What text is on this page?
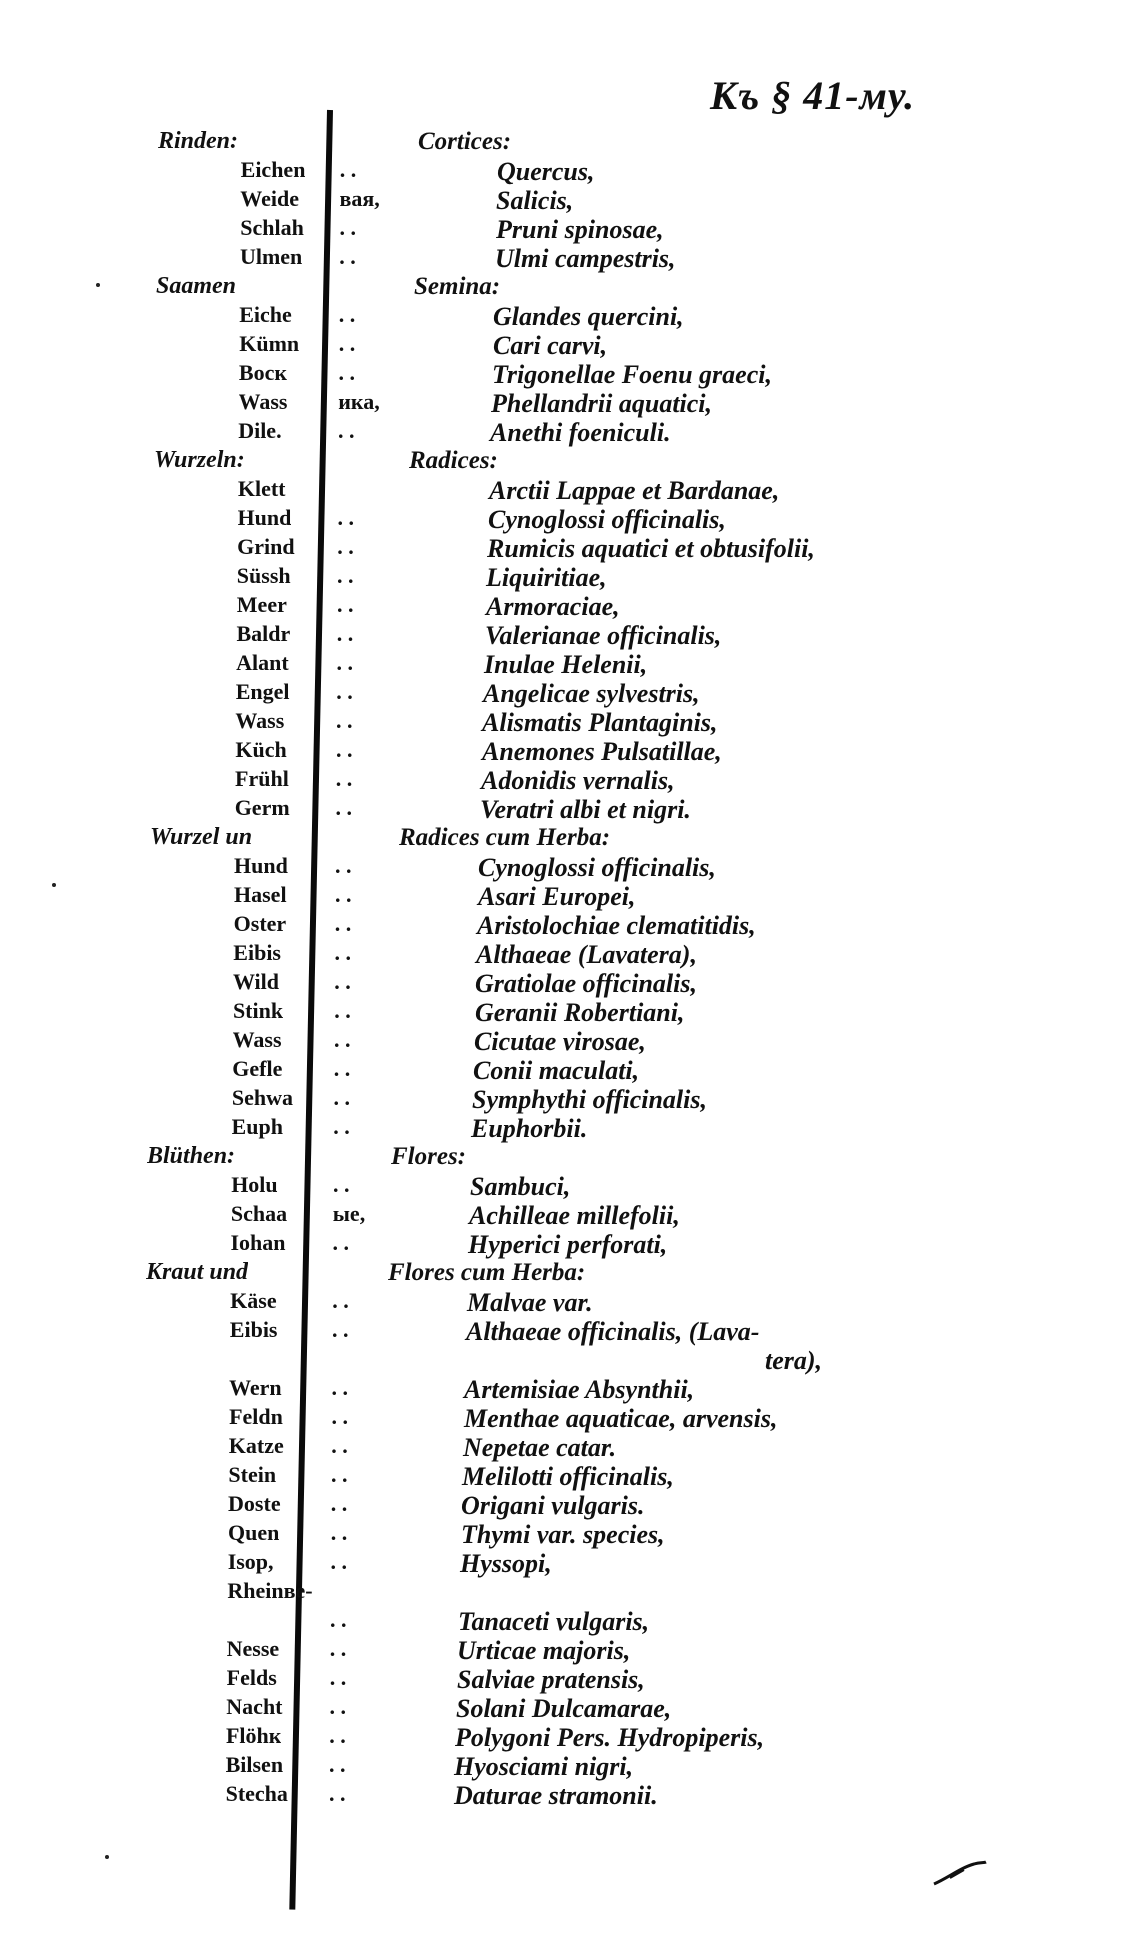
Къ § 41-му.
Rinden:	Cortices:
Eichen . .	Quercus,
Weide вая,	Salicis,
Schlah . .	Pruni spinosae,
Ulmen . .	Ulmi campestris,
Saamen	Semina:
Eiche . .	Glandes quercini,
Kümn . .	Cari carvi,
Bocк . .	Trigonellae Foenu graeci,
Wass ика,	Phellandrii aquatici,
Dile.	. .	Anethi foeniculi.
Wurzeln:	Radices:
Klett	Arctii Lappae et Bardanae,
Hund . .	Cynoglossi officinalis,
Grind . .	Rumicis aquatici et obtusifolii,
Süssh . .	Liquiritiae,
Meer . .	Armoraciae,
Baldr . .	Valerianae officinalis,
Alant . .	Inulae Helenii,
Engel . .	Angelicae sylvestris,
Wass . .	Alismatis Plantaginis,
Küch . .	Anemones Pulsatillae,
Frühl . .	Adonidis vernalis,
Germ . .	Veratri albi et nigri.
Wurzel un	Radices cum Herba:
Hund . .	Cynoglossi officinalis,
Hasel . .	Asari Europei,
Oster . .	Aristolochiae clematitidis,
Eibis . .	Althaeae (Lavatera),
Wild	. .	Gratiolae officinalis,
Stink . .	Geranii Robertiani,
Wass . .	Cicutae virosae,
Gefle . .	Conii maculati,
Sehwa . .	Symphythi officinalis,
Euph . .	Euphorbii.
Blüthen:	Flores:
Holu	. .	Sambuci,
Schaa ые,	Achilleae millefolii,
Iohan . .	Hyperici perforati,
Kraut und	Flores cum Herba:
Käse	. .	Malvae var.
Eibis . .	Althaeae officinalis, (Lava-
tera),
Wern . .	Artemisiae Absynthii,
Feldn . .	Menthae aquaticae, arvensis,
Katze . .	Nepetae catar.
Stein . .	Melilotti officinalis,
Doste . .	Origani vulgaris.
Quen . .	Thymi var. species,
Isop,	. .	Hyssopi,
Rheinве-
. .	Tanaceti vulgaris,
Nesse . .	Urticae majoris,
Felds . .	Salviae pratensis,
Nacht . .	Solani Dulcamarae,
Flöhк . .	Polygoni Pers. Hydropiperis,
Bilsen . .	Hyosciami nigri,
Stecha . .	Daturae stramonii.
